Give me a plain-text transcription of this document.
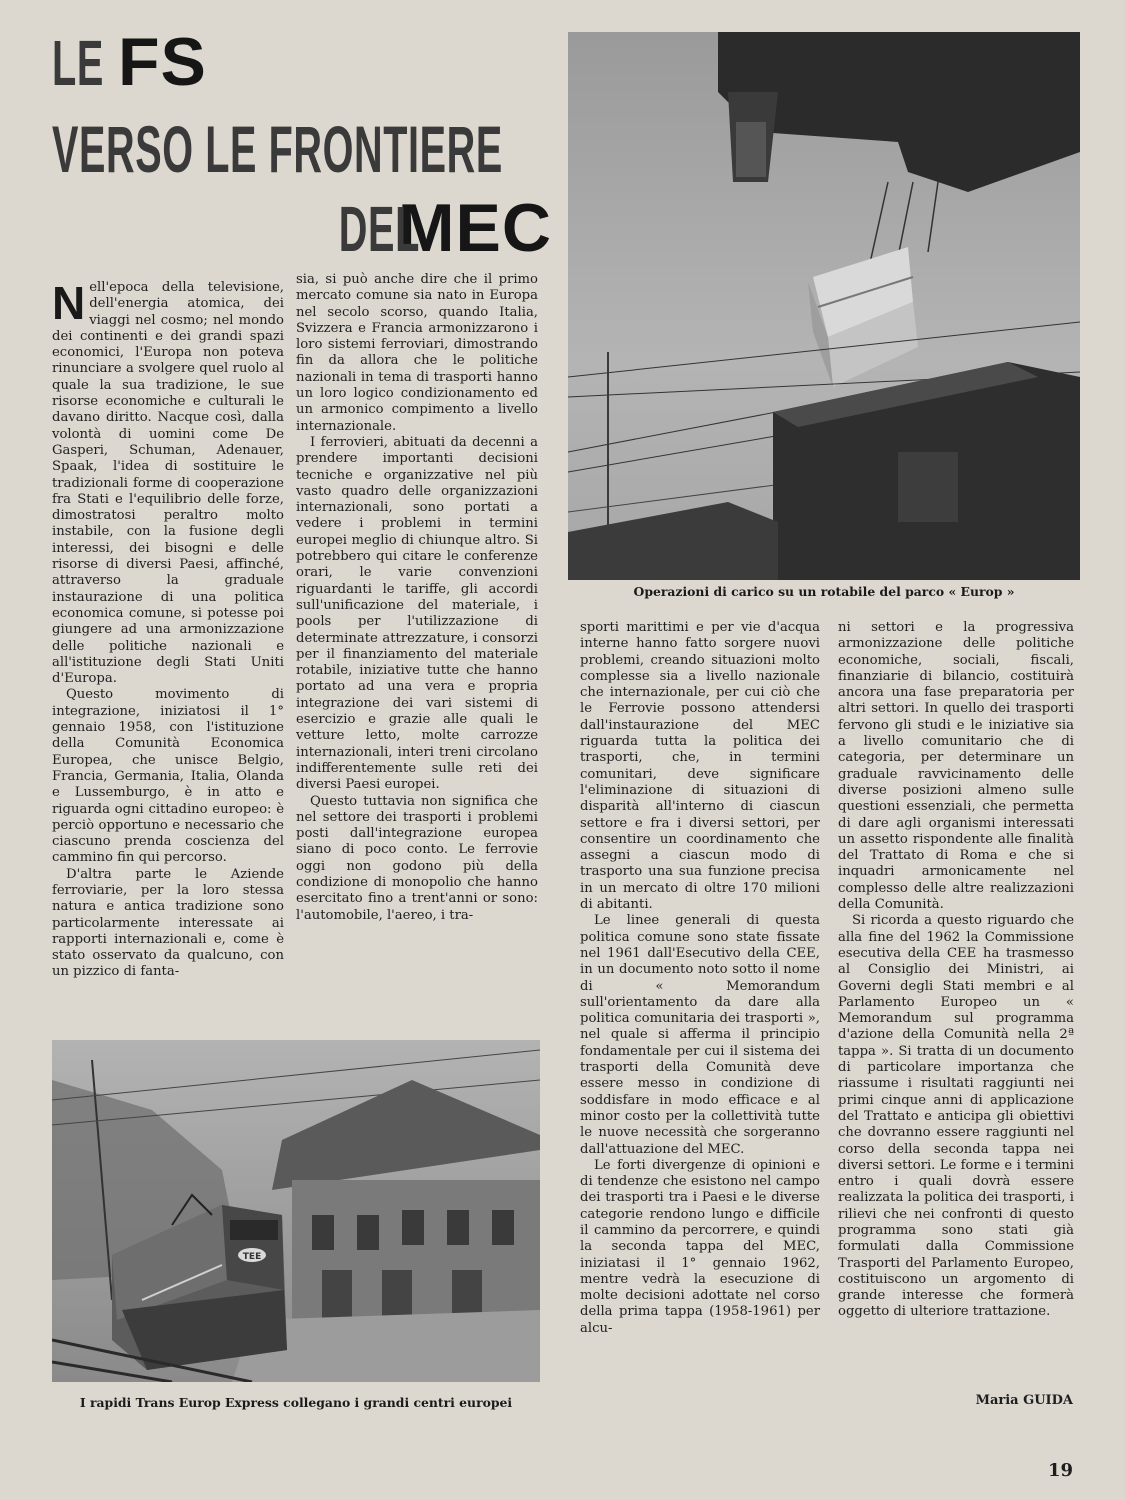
LE FS
VERSO LE FRONTIERE
DELMEC

Nell'epoca della televisione, dell'energia atomica, dei viaggi nel cosmo; nel mondo dei continenti e dei grandi spazi economici, l'Europa non poteva rinunciare a svolgere quel ruolo al quale la sua tradizione, le sue risorse economiche e culturali le davano diritto. Nacque così, dalla volontà di uomini come De Gasperi, Schuman, Adenauer, Spaak, l'idea di sostituire le tradizionali forme di cooperazione fra Stati e l'equilibrio delle forze, dimostratosi peraltro molto instabile, con la fusione degli interessi, dei bisogni e delle risorse di diversi Paesi, affinché, attraverso la graduale instaurazione di una politica economica comune, si potesse poi giungere ad una armonizzazione delle politiche nazionali e all'istituzione degli Stati Uniti d'Europa.

Questo movimento di integrazione, iniziatosi il 1° gennaio 1958, con l'istituzione della Comunità Economica Europea, che unisce Belgio, Francia, Germania, Italia, Olanda e Lussemburgo, è in atto e riguarda ogni cittadino europeo: è perciò opportuno e necessario che ciascuno prenda coscienza del cammino fin qui percorso.

D'altra parte le Aziende ferroviarie, per la loro stessa natura e antica tradizione sono particolarmente interessate ai rapporti internazionali e, come è stato osservato da qualcuno, con un pizzico di fanta-

sia, si può anche dire che il primo mercato comune sia nato in Europa nel secolo scorso, quando Italia, Svizzera e Francia armonizzarono i loro sistemi ferroviari, dimostrando fin da allora che le politiche nazionali in tema di trasporti hanno un loro logico condizionamento ed un armonico compimento a livello internazionale.

I ferrovieri, abituati da decenni a prendere importanti decisioni tecniche e organizzative nel più vasto quadro delle organizzazioni internazionali, sono portati a vedere i problemi in termini europei meglio di chiunque altro. Si potrebbero qui citare le conferenze orari, le varie convenzioni riguardanti le tariffe, gli accordi sull'unificazione del materiale, i pools per l'utilizzazione di determinate attrezzature, i consorzi per il finanziamento del materiale rotabile, iniziative tutte che hanno portato ad una vera e propria integrazione dei vari sistemi di esercizio e grazie alle quali le vetture letto, molte carrozze internazionali, interi treni circolano indifferentemente sulle reti dei diversi Paesi europei.

Questo tuttavia non significa che nel settore dei trasporti i problemi posti dall'integrazione europea siano di poco conto. Le ferrovie oggi non godono più della condizione di monopolio che hanno esercitato fino a trent'anni or sono: l'automobile, l'aereo, i tra-

Operazioni di carico su un rotabile del parco « Europ »

sporti marittimi e per vie d'acqua interne hanno fatto sorgere nuovi problemi, creando situazioni molto complesse sia a livello nazionale che internazionale, per cui ciò che le Ferrovie possono attendersi dall'instaurazione del MEC riguarda tutta la politica dei trasporti, che, in termini comunitari, deve significare l'eliminazione di situazioni di disparità all'interno di ciascun settore e fra i diversi settori, per consentire un coordinamento che assegni a ciascun modo di trasporto una sua funzione precisa in un mercato di oltre 170 milioni di abitanti.

Le linee generali di questa politica comune sono state fissate nel 1961 dall'Esecutivo della CEE, in un documento noto sotto il nome di « Memorandum sull'orientamento da dare alla politica comunitaria dei trasporti », nel quale si afferma il principio fondamentale per cui il sistema dei trasporti della Comunità deve essere messo in condizione di soddisfare in modo efficace e al minor costo per la collettività tutte le nuove necessità che sorgeranno dall'attuazione del MEC.

Le forti divergenze di opinioni e di tendenze che esistono nel campo dei trasporti tra i Paesi e le diverse categorie rendono lungo e difficile il cammino da percorrere, e quindi la seconda tappa del MEC, iniziatasi il 1° gennaio 1962, mentre vedrà la esecuzione di molte decisioni adottate nel corso della prima tappa (1958-1961) per alcu-

ni settori e la progressiva armonizzazione delle politiche economiche, sociali, fiscali, finanziarie di bilancio, costituirà ancora una fase preparatoria per altri settori. In quello dei trasporti fervono gli studi e le iniziative sia a livello comunitario che di categoria, per determinare un graduale ravvicinamento delle diverse posizioni almeno sulle questioni essenziali, che permetta di dare agli organismi interessati un assetto rispondente alle finalità del Trattato di Roma e che si inquadri armonicamente nel complesso delle altre realizzazioni della Comunità.

Si ricorda a questo riguardo che alla fine del 1962 la Commissione esecutiva della CEE ha trasmesso al Consiglio dei Ministri, ai Governi degli Stati membri e al Parlamento Europeo un « Memorandum sul programma d'azione della Comunità nella 2ª tappa ». Si tratta di un documento di particolare importanza che riassume i risultati raggiunti nei primi cinque anni di applicazione del Trattato e anticipa gli obiettivi che dovranno essere raggiunti nel corso della seconda tappa nei diversi settori. Le forme e i termini entro i quali dovrà essere realizzata la politica dei trasporti, i rilievi che nei confronti di questo programma sono stati già formulati dalla Commissione Trasporti del Parlamento Europeo, costituiscono un argomento di grande interesse che formerà oggetto di ulteriore trattazione.

Maria GUIDA
TEE
I rapidi Trans Europ Express collegano i grandi centri europei
19
